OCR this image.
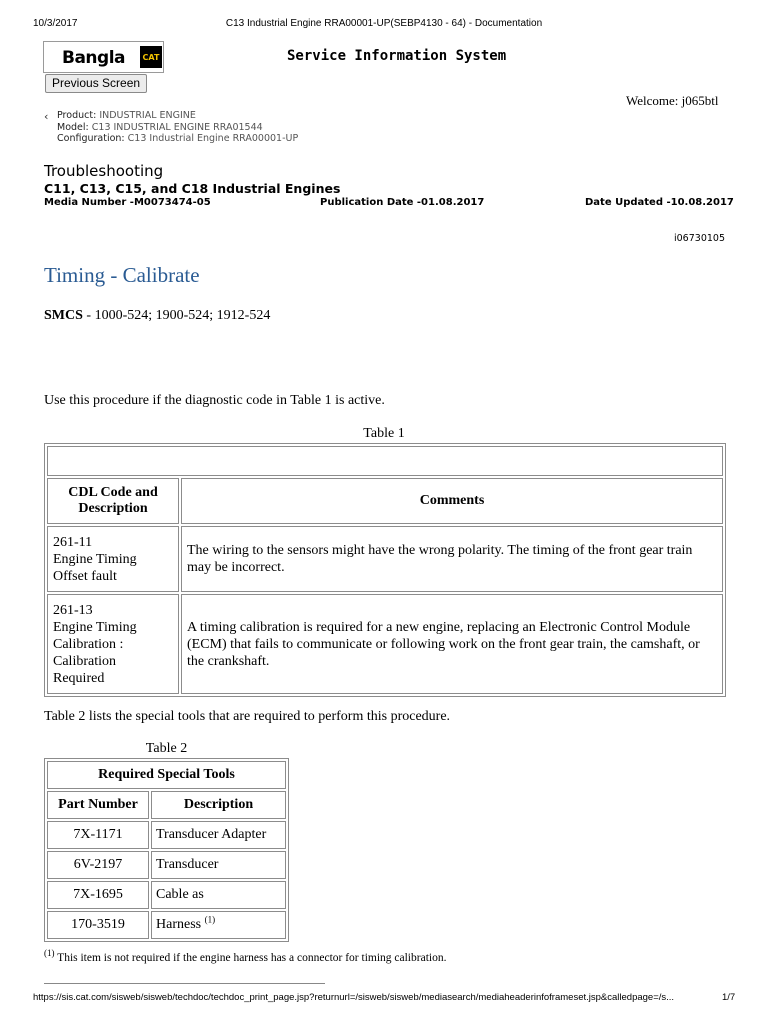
10/3/2017	C13 Industrial Engine RRA00001-UP(SEBP4130 - 64) - Documentation
Bangla	CAT
Previous Screen
Service Information System
Welcome: j065btl
‹ Product: INDUSTRIAL ENGINE
Model: C13 INDUSTRIAL ENGINE RRA01544
Configuration: C13 Industrial Engine RRA00001-UP
Troubleshooting
C11, C13, C15, and C18 Industrial Engines
Media Number -M0073474-05	Publication Date -01.08.2017	Date Updated -10.08.2017
i06730105
Timing - Calibrate
SMCS - 1000-524; 1900-524; 1912-524
Use this procedure if the diagnostic code in Table 1 is active.
Table 1

CDL Code and Description	Comments

261-11
Engine Timing
Offset fault	The wiring to the sensors might have the wrong polarity. The timing of the front gear train may be incorrect.

261-13
Engine Timing
Calibration :
Calibration
Required	A timing calibration is required for a new engine, replacing an Electronic Control Module (ECM) that fails to communicate or following work on the front gear train, the camshaft, or the crankshaft.
Table 2 lists the special tools that are required to perform this procedure.
Table 2
Required Special Tools	
Part Number	Description
7X-1171	Transducer Adapter
6V-2197	Transducer
7X-1695	Cable as
170-3519	Harness $^{(1)}$
$^{(1)}$ This item is not required if the engine harness has a connector for timing calibration.
https://sis.cat.com/sisweb/sisweb/techdoc/techdoc_print_page.jsp?returnurl=/sisweb/sisweb/mediasearch/mediaheaderinfoframeset.jsp&calledpage=/s...	1/7
